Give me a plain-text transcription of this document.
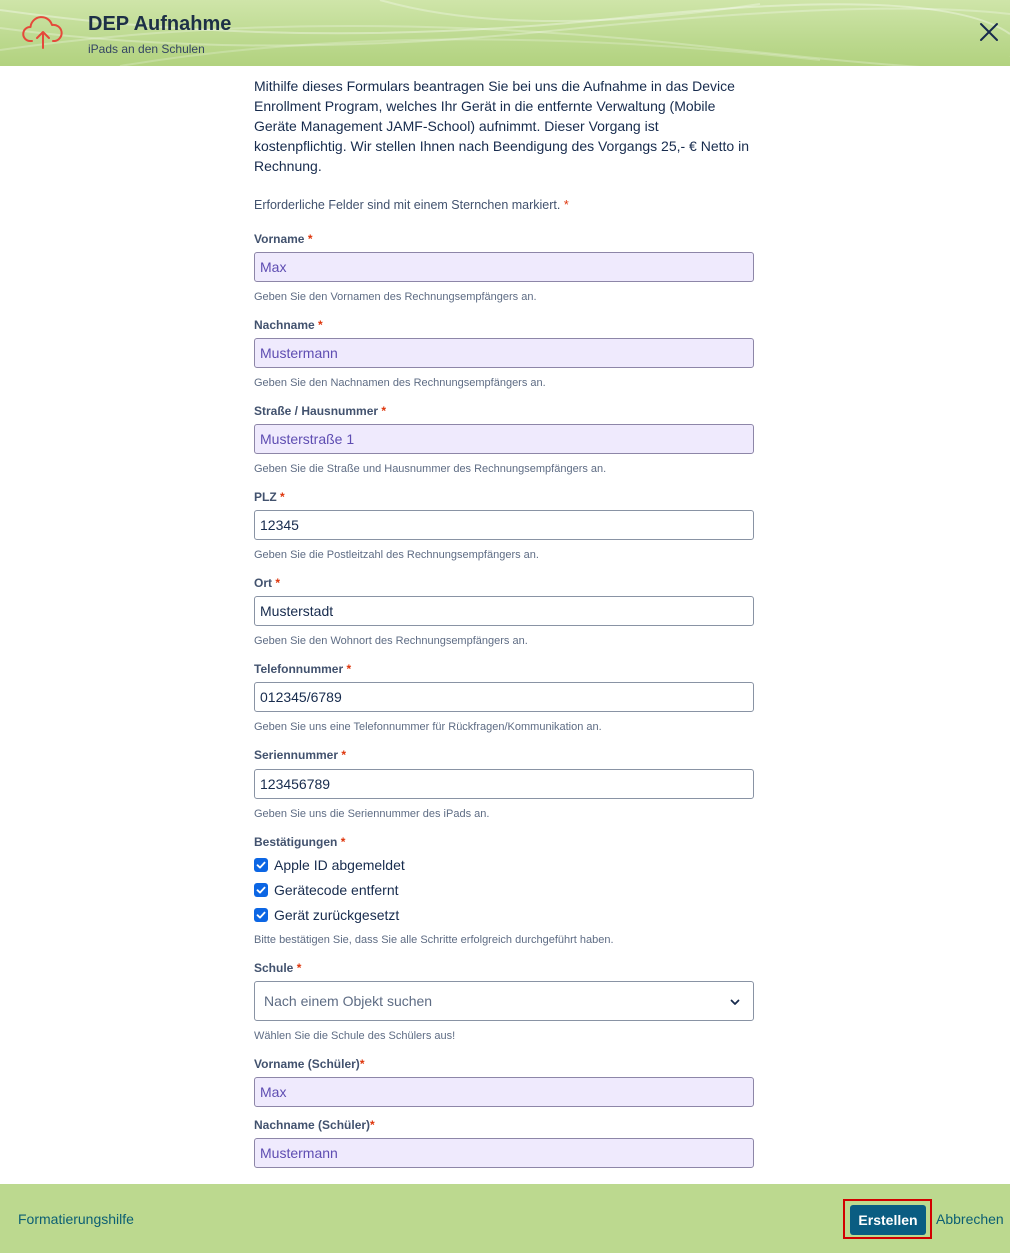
DEP Aufnahme
iPads an den Schulen

Mithilfe dieses Formulars beantragen Sie bei uns die Aufnahme in das Device Enrollment Program, welches Ihr Gerät in die entfernte Verwaltung (Mobile Geräte Management JAMF-School) aufnimmt. Dieser Vorgang ist kostenpflichtig. Wir stellen Ihnen nach Beendigung des Vorgangs 25,- € Netto in Rechnung.

Erforderliche Felder sind mit einem Sternchen markiert. *
Vorname *
Max
Geben Sie den Vornamen des Rechnungsempfängers an.
Nachname *
Mustermann
Geben Sie den Nachnamen des Rechnungsempfängers an.
Straße / Hausnummer *
Musterstraße 1
Geben Sie die Straße und Hausnummer des Rechnungsempfängers an.
PLZ *
12345
Geben Sie die Postleitzahl des Rechnungsempfängers an.
Ort *
Musterstadt
Geben Sie den Wohnort des Rechnungsempfängers an.
Telefonnummer *
012345/6789
Geben Sie uns eine Telefonnummer für Rückfragen/Kommunikation an.
Seriennummer *
123456789
Geben Sie uns die Seriennummer des iPads an.
Bestätigungen *
Apple ID abgemeldet
Gerätecode entfernt
Gerät zurückgesetzt
Bitte bestätigen Sie, dass Sie alle Schritte erfolgreich durchgeführt haben.
Schule *
Nach einem Objekt suchen
Wählen Sie die Schule des Schülers aus!
Vorname (Schüler)*
Max
Nachname (Schüler)*
Mustermann
Formatierungshilfe	Erstellen	Abbrechen
